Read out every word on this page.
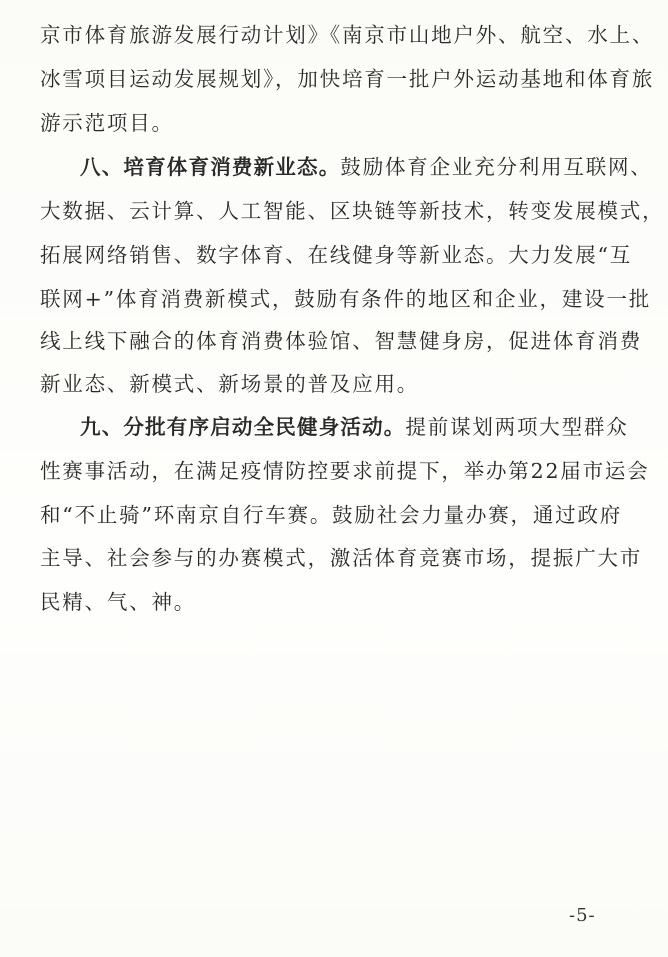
京市体育旅游发展行动计划》《南京市山地户外、航空、水上、
冰雪项目运动发展规划》，加快培育一批户外运动基地和体育旅
游示范项目。
八、培育体育消费新业态。鼓励体育企业充分利用互联网、
大数据、云计算、人工智能、区块链等新技术，转变发展模式，
拓展网络销售、数字体育、在线健身等新业态。大力发展“互
联网+”体育消费新模式，鼓励有条件的地区和企业，建设一批
线上线下融合的体育消费体验馆、智慧健身房，促进体育消费
新业态、新模式、新场景的普及应用。
九、分批有序启动全民健身活动。提前谋划两项大型群众
性赛事活动，在满足疫情防控要求前提下，举办第22届市运会
和“不止骑”环南京自行车赛。鼓励社会力量办赛，通过政府
主导、社会参与的办赛模式，激活体育竞赛市场，提振广大市
民精、气、神。
-5-
